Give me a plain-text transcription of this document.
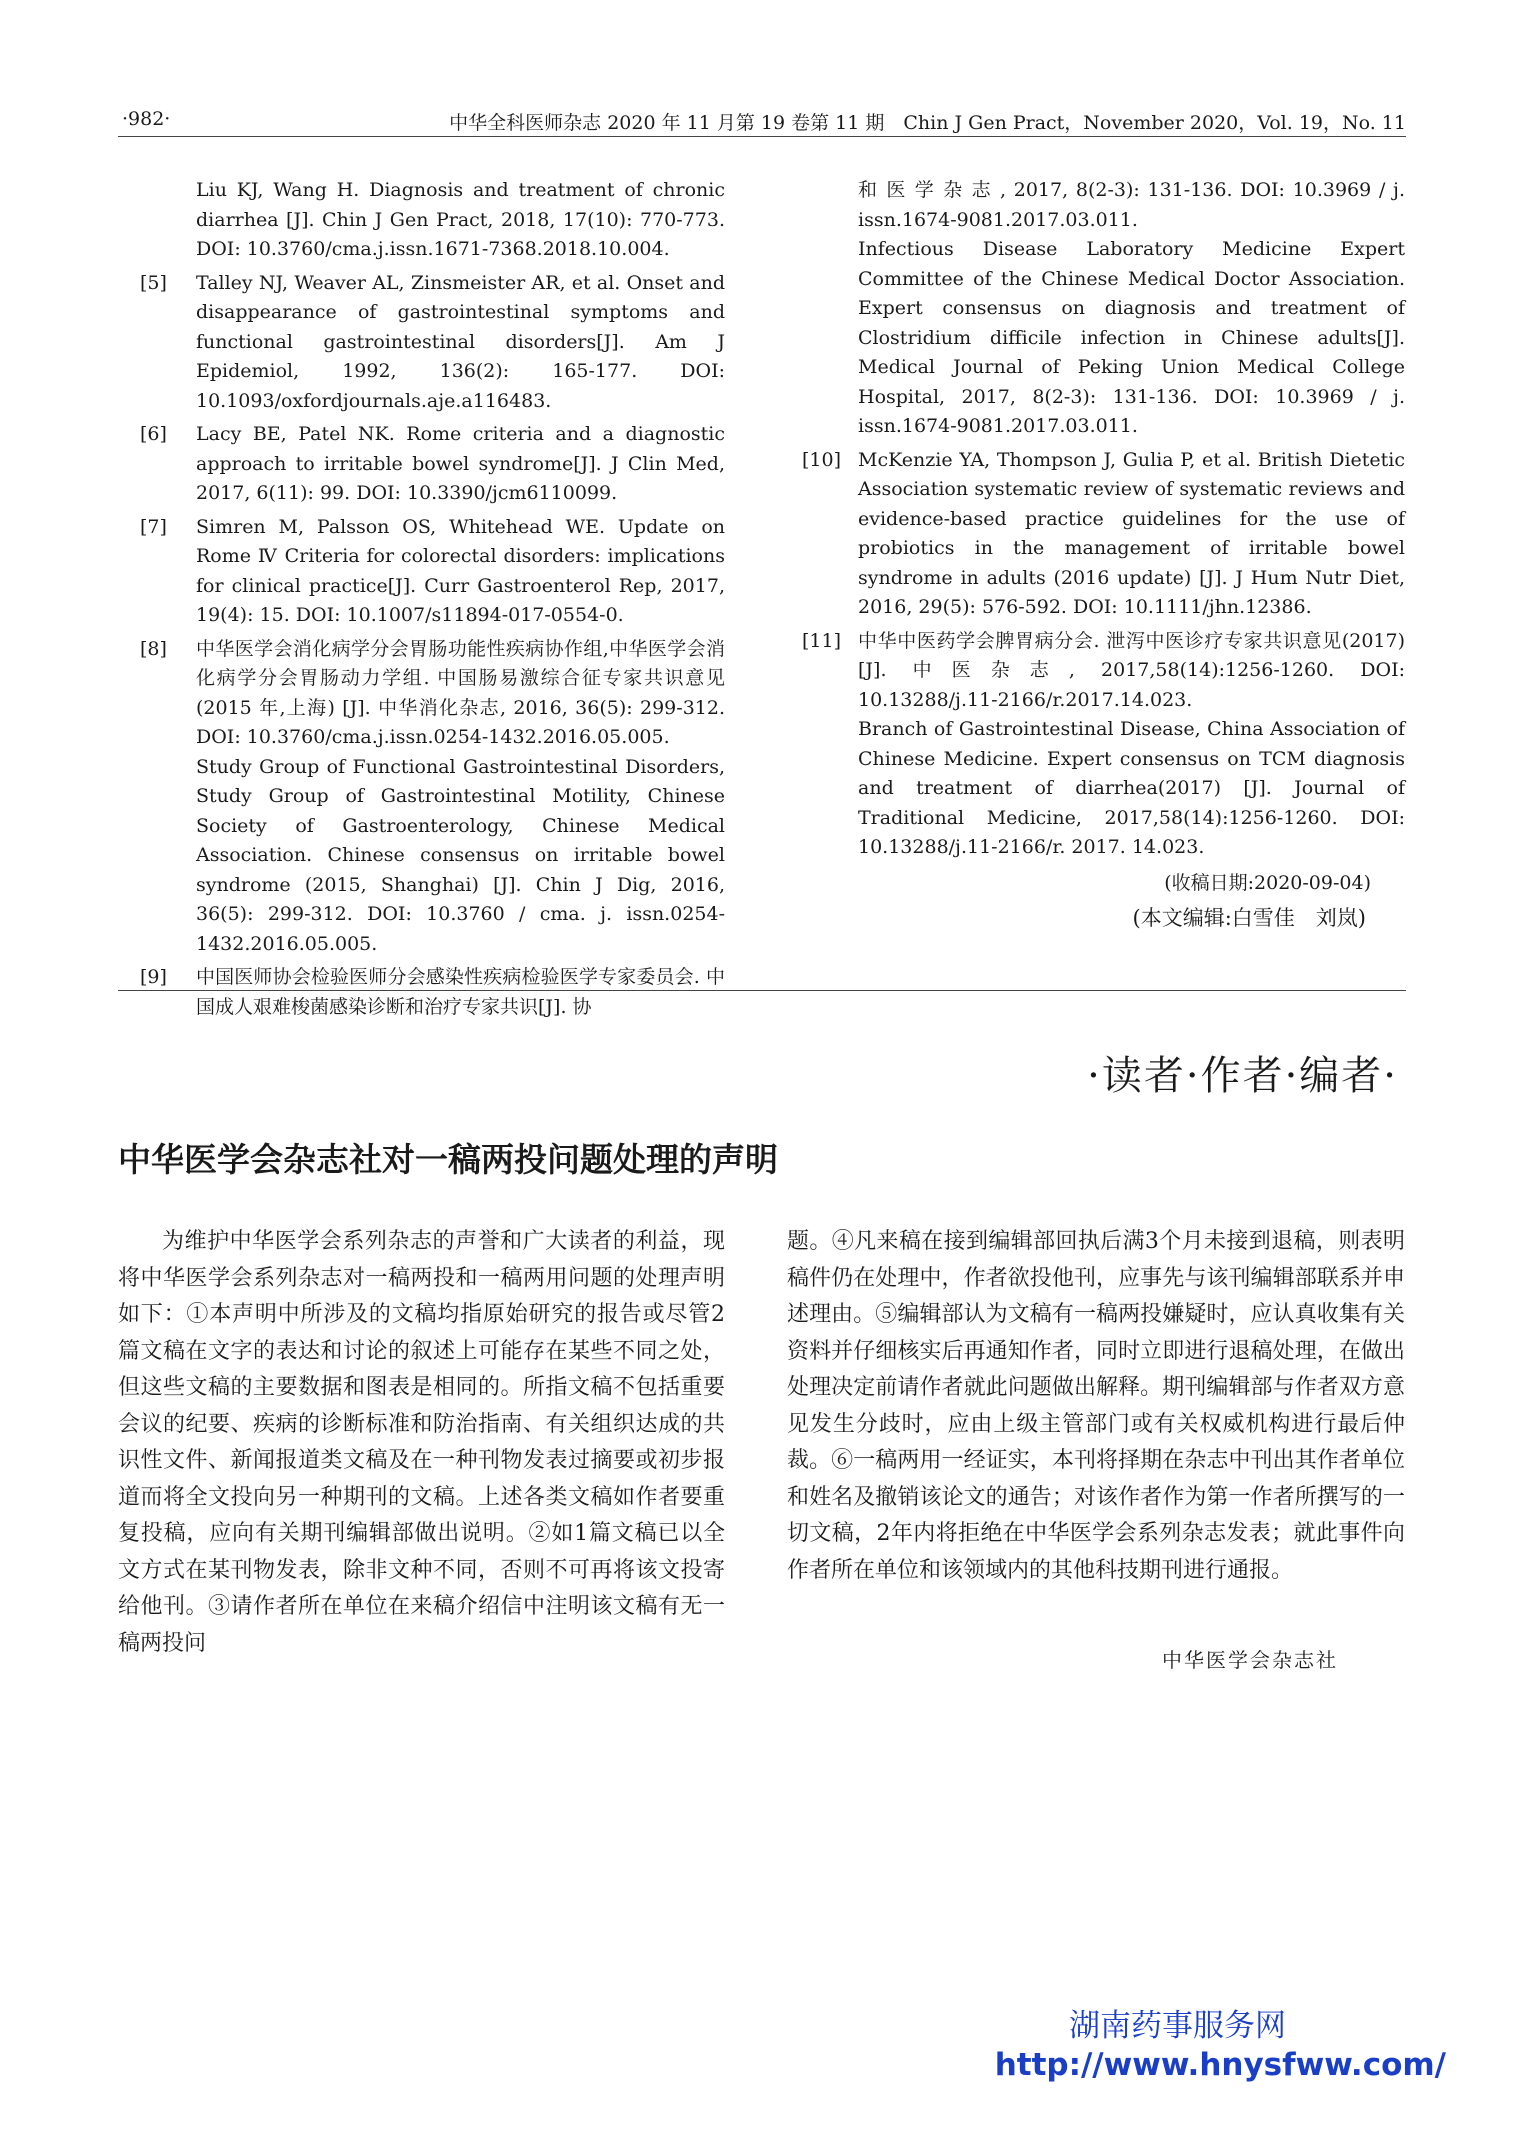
·982·	中华全科医师杂志 2020 年 11 月第 19 卷第 11 期　Chin J Gen Pract，November 2020，Vol. 19，No. 11
Liu KJ, Wang H. Diagnosis and treatment of chronic diarrhea [J]. Chin J Gen Pract, 2018, 17(10): 770-773. DOI: 10.3760/cma.j.issn.1671-7368.2018.10.004.
[5] Talley NJ, Weaver AL, Zinsmeister AR, et al. Onset and disappearance of gastrointestinal symptoms and functional gastrointestinal disorders[J]. Am J Epidemiol, 1992, 136(2): 165-177. DOI: 10.1093/oxfordjournals.aje.a116483.
[6] Lacy BE, Patel NK. Rome criteria and a diagnostic approach to irritable bowel syndrome[J]. J Clin Med, 2017, 6(11): 99. DOI: 10.3390/jcm6110099.
[7] Simren M, Palsson OS, Whitehead WE. Update on Rome Ⅳ Criteria for colorectal disorders: implications for clinical practice[J]. Curr Gastroenterol Rep, 2017, 19(4): 15. DOI: 10.1007/s11894-017-0554-0.
[8] 中华医学会消化病学分会胃肠功能性疾病协作组,中华医学会消化病学分会胃肠动力学组. 中国肠易激综合征专家共识意见(2015 年,上海) [J]. 中华消化杂志, 2016, 36(5): 299-312. DOI: 10.3760/cma.j.issn.0254-1432.2016.05.005.
Study Group of Functional Gastrointestinal Disorders, Study Group of Gastrointestinal Motility, Chinese Society of Gastroenterology, Chinese Medical Association. Chinese consensus on irritable bowel syndrome (2015, Shanghai) [J]. Chin J Dig, 2016, 36(5): 299-312. DOI: 10.3760 / cma. j. issn.0254-1432.2016.05.005.
[9] 中国医师协会检验医师分会感染性疾病检验医学专家委员会. 中国成人艰难梭菌感染诊断和治疗专家共识[J]. 协
和 医 学 杂 志 , 2017, 8(2-3): 131-136. DOI: 10.3969 / j. issn.1674-9081.2017.03.011.
Infectious Disease Laboratory Medicine Expert Committee of the Chinese Medical Doctor Association. Expert consensus on diagnosis and treatment of Clostridium difficile infection in Chinese adults[J]. Medical Journal of Peking Union Medical College Hospital, 2017, 8(2-3): 131-136. DOI: 10.3969 / j. issn.1674-9081.2017.03.011.
[10] McKenzie YA, Thompson J, Gulia P, et al. British Dietetic Association systematic review of systematic reviews and evidence-based practice guidelines for the use of probiotics in the management of irritable bowel syndrome in adults (2016 update) [J]. J Hum Nutr Diet, 2016, 29(5): 576-592. DOI: 10.1111/jhn.12386.
[11] 中华中医药学会脾胃病分会. 泄泻中医诊疗专家共识意见(2017)[J]. 中医杂志, 2017,58(14):1256-1260. DOI: 10.13288/j.11-2166/r.2017.14.023.
Branch of Gastrointestinal Disease, China Association of Chinese Medicine. Expert consensus on TCM diagnosis and treatment of diarrhea(2017) [J]. Journal of Traditional Medicine, 2017,58(14):1256-1260. DOI: 10.13288/j.11-2166/r. 2017. 14.023.
(收稿日期:2020-09-04)
(本文编辑:白雪佳　刘岚)
·读者·作者·编者·
中华医学会杂志社对一稿两投问题处理的声明
为维护中华医学会系列杂志的声誉和广大读者的利益，现将中华医学会系列杂志对一稿两投和一稿两用问题的处理声明如下：①本声明中所涉及的文稿均指原始研究的报告或尽管2篇文稿在文字的表达和讨论的叙述上可能存在某些不同之处，但这些文稿的主要数据和图表是相同的。所指文稿不包括重要会议的纪要、疾病的诊断标准和防治指南、有关组织达成的共识性文件、新闻报道类文稿及在一种刊物发表过摘要或初步报道而将全文投向另一种期刊的文稿。上述各类文稿如作者要重复投稿，应向有关期刊编辑部做出说明。②如1篇文稿已以全文方式在某刊物发表，除非文种不同，否则不可再将该文投寄给他刊。③请作者所在单位在来稿介绍信中注明该文稿有无一稿两投问
题。④凡来稿在接到编辑部回执后满3个月未接到退稿，则表明稿件仍在处理中，作者欲投他刊，应事先与该刊编辑部联系并申述理由。⑤编辑部认为文稿有一稿两投嫌疑时，应认真收集有关资料并仔细核实后再通知作者，同时立即进行退稿处理，在做出处理决定前请作者就此问题做出解释。期刊编辑部与作者双方意见发生分歧时，应由上级主管部门或有关权威机构进行最后仲裁。⑥一稿两用一经证实，本刊将择期在杂志中刊出其作者单位和姓名及撤销该论文的通告；对该作者作为第一作者所撰写的一切文稿，2年内将拒绝在中华医学会系列杂志发表；就此事件向作者所在单位和该领域内的其他科技期刊进行通报。
中华医学会杂志社
湖南药事服务网
http://www.hnysfww.com/
